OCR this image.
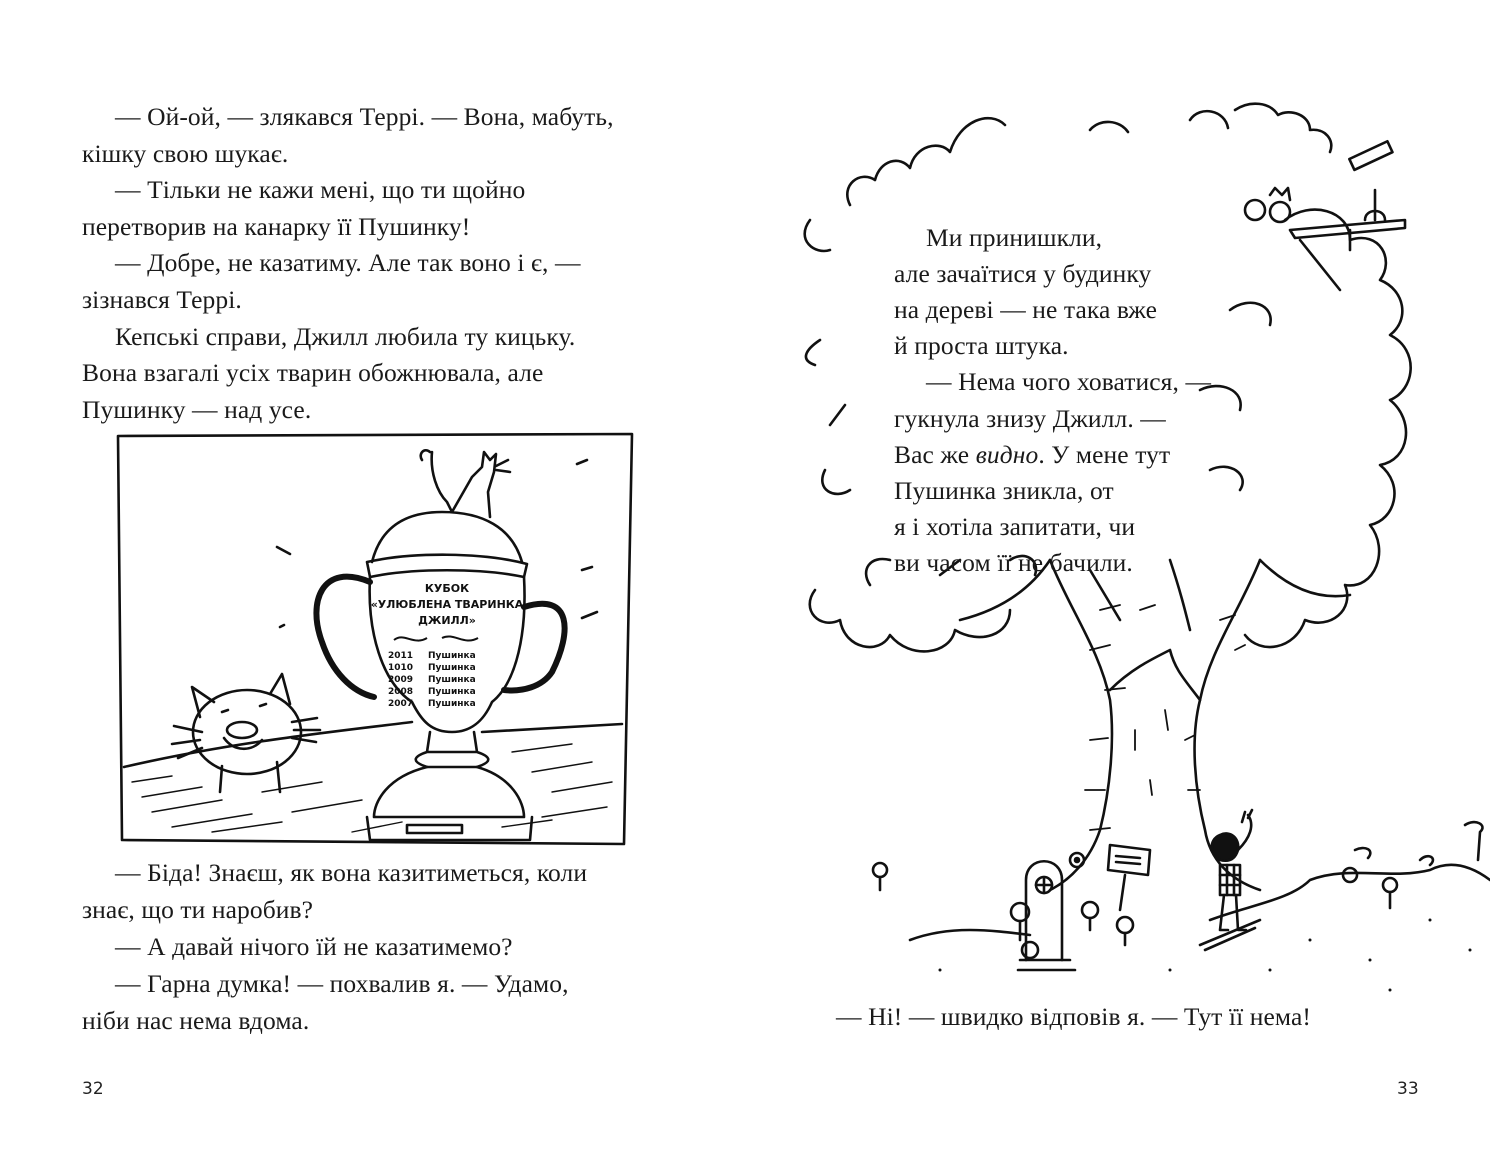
— Ой-ой, — злякався Террі. — Вона, мабуть,
кішку свою шукає.
— Тільки не кажи мені, що ти щойно
перетворив на канарку її Пушинку!
— Добре, не казатиму. Але так воно і є, —
зізнався Террі.
Кепські справи, Джилл любила ту кицьку.
Вона взагалі усіх тварин обожнювала, але
Пушинку — над усе.
КУБОК
«УЛЮБЛЕНА ТВАРИНКА
ДЖИЛЛ»
2011 Пушинка
1010 Пушинка
2009 Пушинка
2008 Пушинка
2007 Пушинка
— Біда! Знаєш, як вона казитиметься, коли
знає, що ти наробив?
— А давай нічого їй не казатимемо?
— Гарна думка! — похвалив я. — Удамо,
ніби нас нема вдома.
32
Ми принишкли,
але зачаїтися у будинку
на дереві — не така вже
й проста штука.
— Нема чого ховатися, —
гукнула знизу Джилл. —
Вас же видно. У мене тут
Пушинка зникла, от
я і хотіла запитати, чи
ви часом її не бачили.
— Ні! — швидко відповів я. — Тут її нема!
33
